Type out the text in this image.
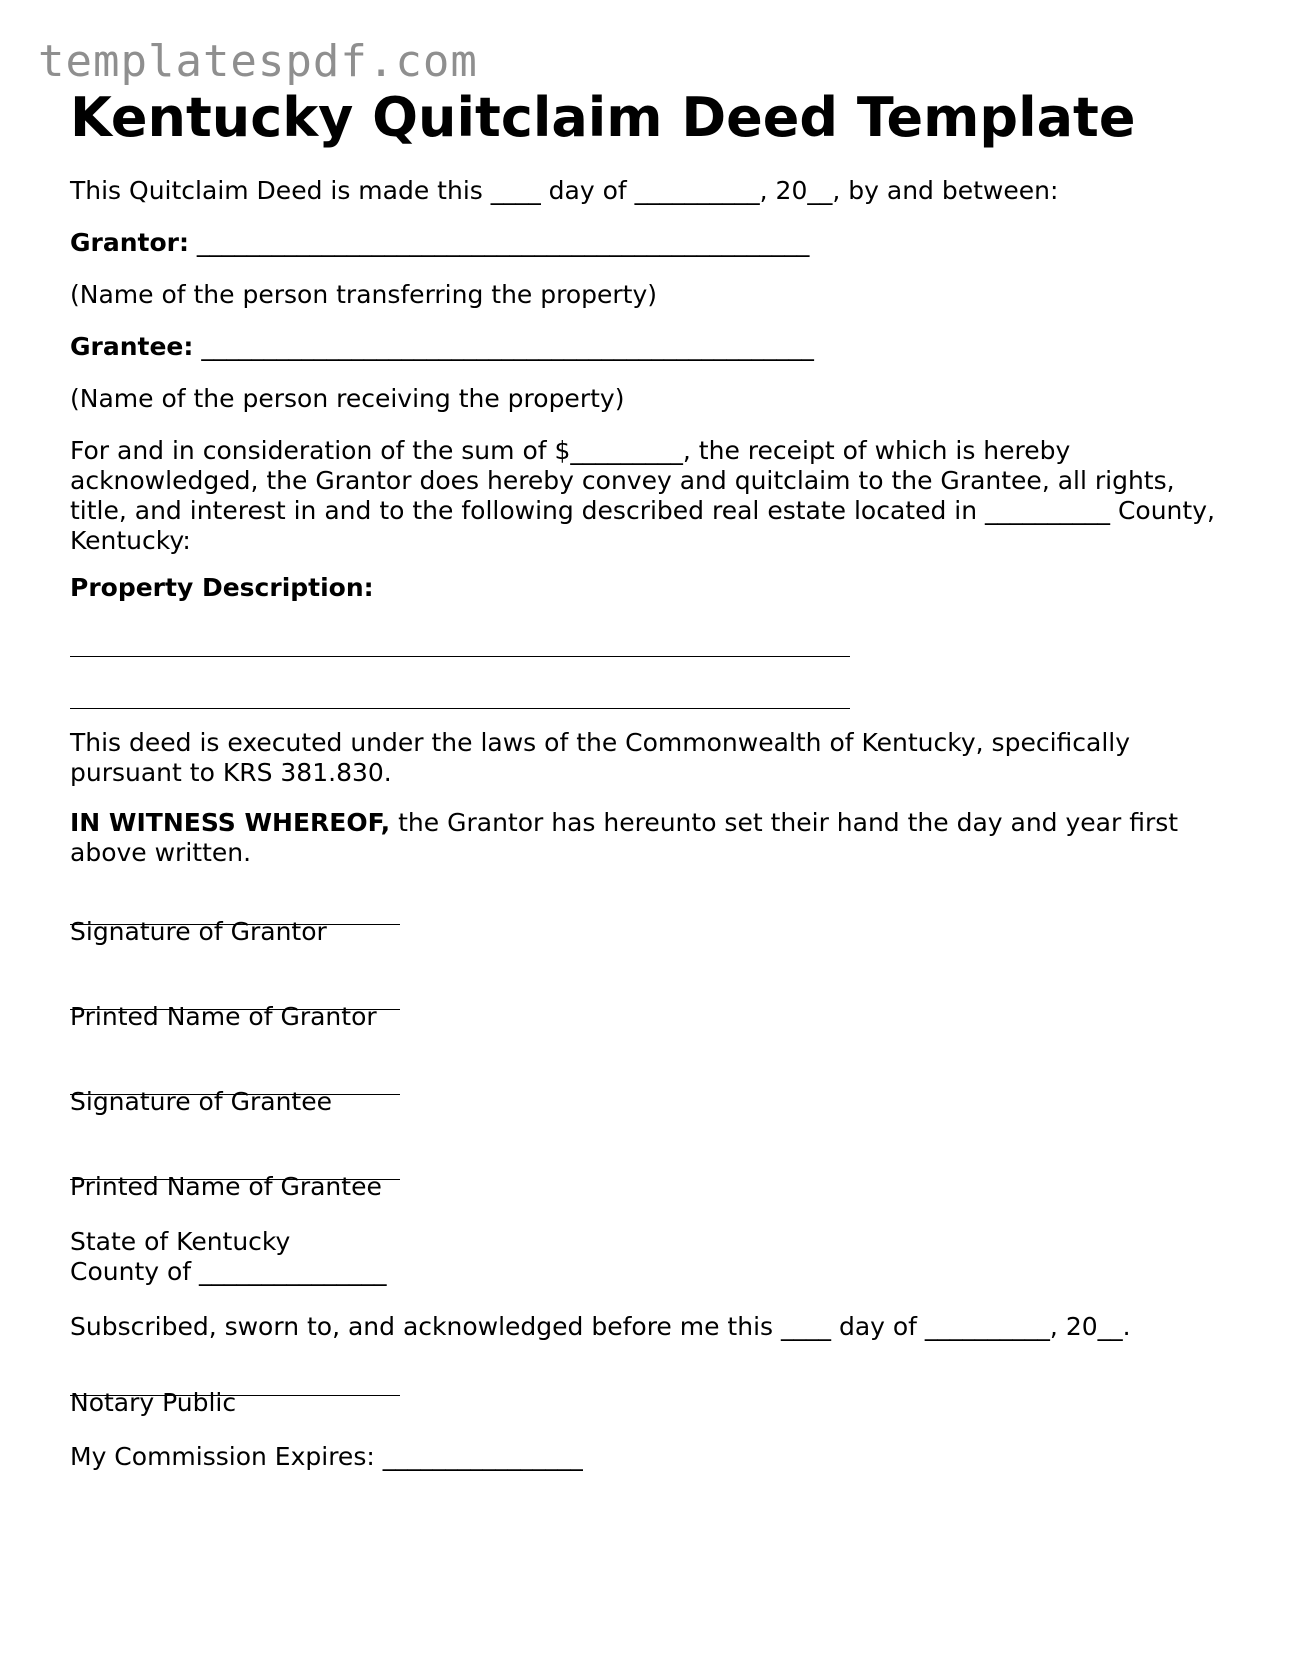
templatespdf.com
Kentucky Quitclaim Deed Template

This Quitclaim Deed is made this ____ day of __________, 20__, by and between:

Grantor: _________________________________________________

(Name of the person transferring the property)

Grantee: _________________________________________________

(Name of the person receiving the property)

For and in consideration of the sum of $_________, the receipt of which is hereby acknowledged, the Grantor does hereby convey and quitclaim to the Grantee, all rights, title, and interest in and to the following described real estate located in __________ County, Kentucky:

Property Description:

This deed is executed under the laws of the Commonwealth of Kentucky, specifically pursuant to KRS 381.830.

IN WITNESS WHEREOF, the Grantor has hereunto set their hand the day and year first above written.

Signature of Grantor

Printed Name of Grantor

Signature of Grantee

Printed Name of Grantee

State of Kentucky

County of _______________

Subscribed, sworn to, and acknowledged before me this ____ day of __________, 20__.

Notary Public

My Commission Expires: ________________
